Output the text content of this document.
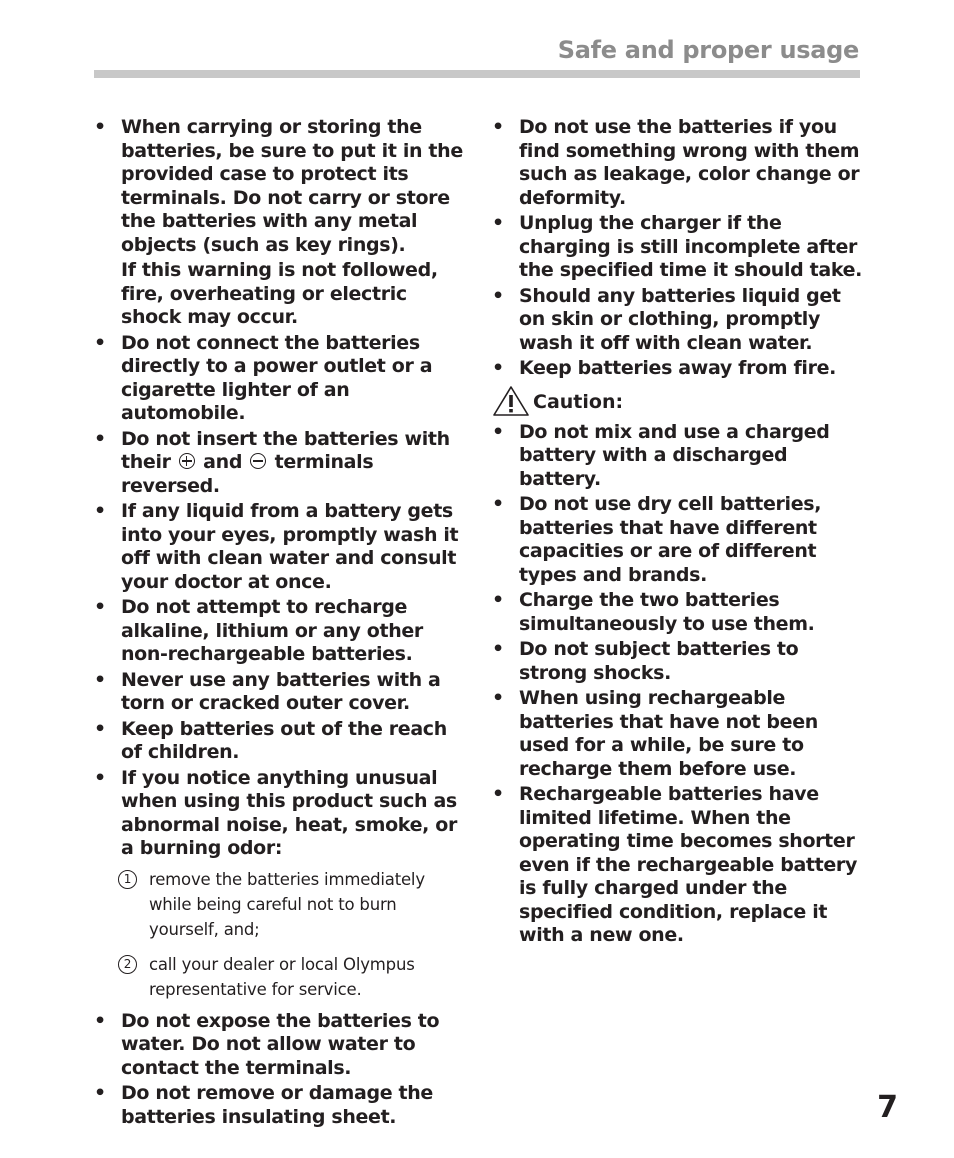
Safe and proper usage
• When carrying or storing the batteries, be sure to put it in the provided case to protect its terminals. Do not carry or store the batteries with any metal objects (such as key rings).
If this warning is not followed, fire, overheating or electric shock may occur.
• Do not connect the batteries directly to a power outlet or a cigarette lighter of an automobile.
• Do not insert the batteries with their and terminals reversed.
• If any liquid from a battery gets into your eyes, promptly wash it off with clean water and consult your doctor at once.
• Do not attempt to recharge alkaline, lithium or any other non-rechargeable batteries.
• Never use any batteries with a torn or cracked outer cover.
• Keep batteries out of the reach of children.
• If you notice anything unusual when using this product such as abnormal noise, heat, smoke, or a burning odor:
1	remove the batteries immediately while being careful not to burn yourself, and;
2	call your dealer or local Olympus representative for service.
• Do not expose the batteries to water. Do not allow water to contact the terminals.
• Do not remove or damage the batteries insulating sheet.
• Do not use the batteries if you find something wrong with them such as leakage, color change or deformity.
• Unplug the charger if the charging is still incomplete after the specified time it should take.
• Should any batteries liquid get on skin or clothing, promptly wash it off with clean water.
• Keep batteries away from fire.
Caution:
• Do not mix and use a charged battery with a discharged battery.
• Do not use dry cell batteries, batteries that have different capacities or are of different types and brands.
• Charge the two batteries simultaneously to use them.
• Do not subject batteries to strong shocks.
• When using rechargeable batteries that have not been used for a while, be sure to recharge them before use.
• Rechargeable batteries have limited lifetime. When the operating time becomes shorter even if the rechargeable battery is fully charged under the specified condition, replace it with a new one.
7
